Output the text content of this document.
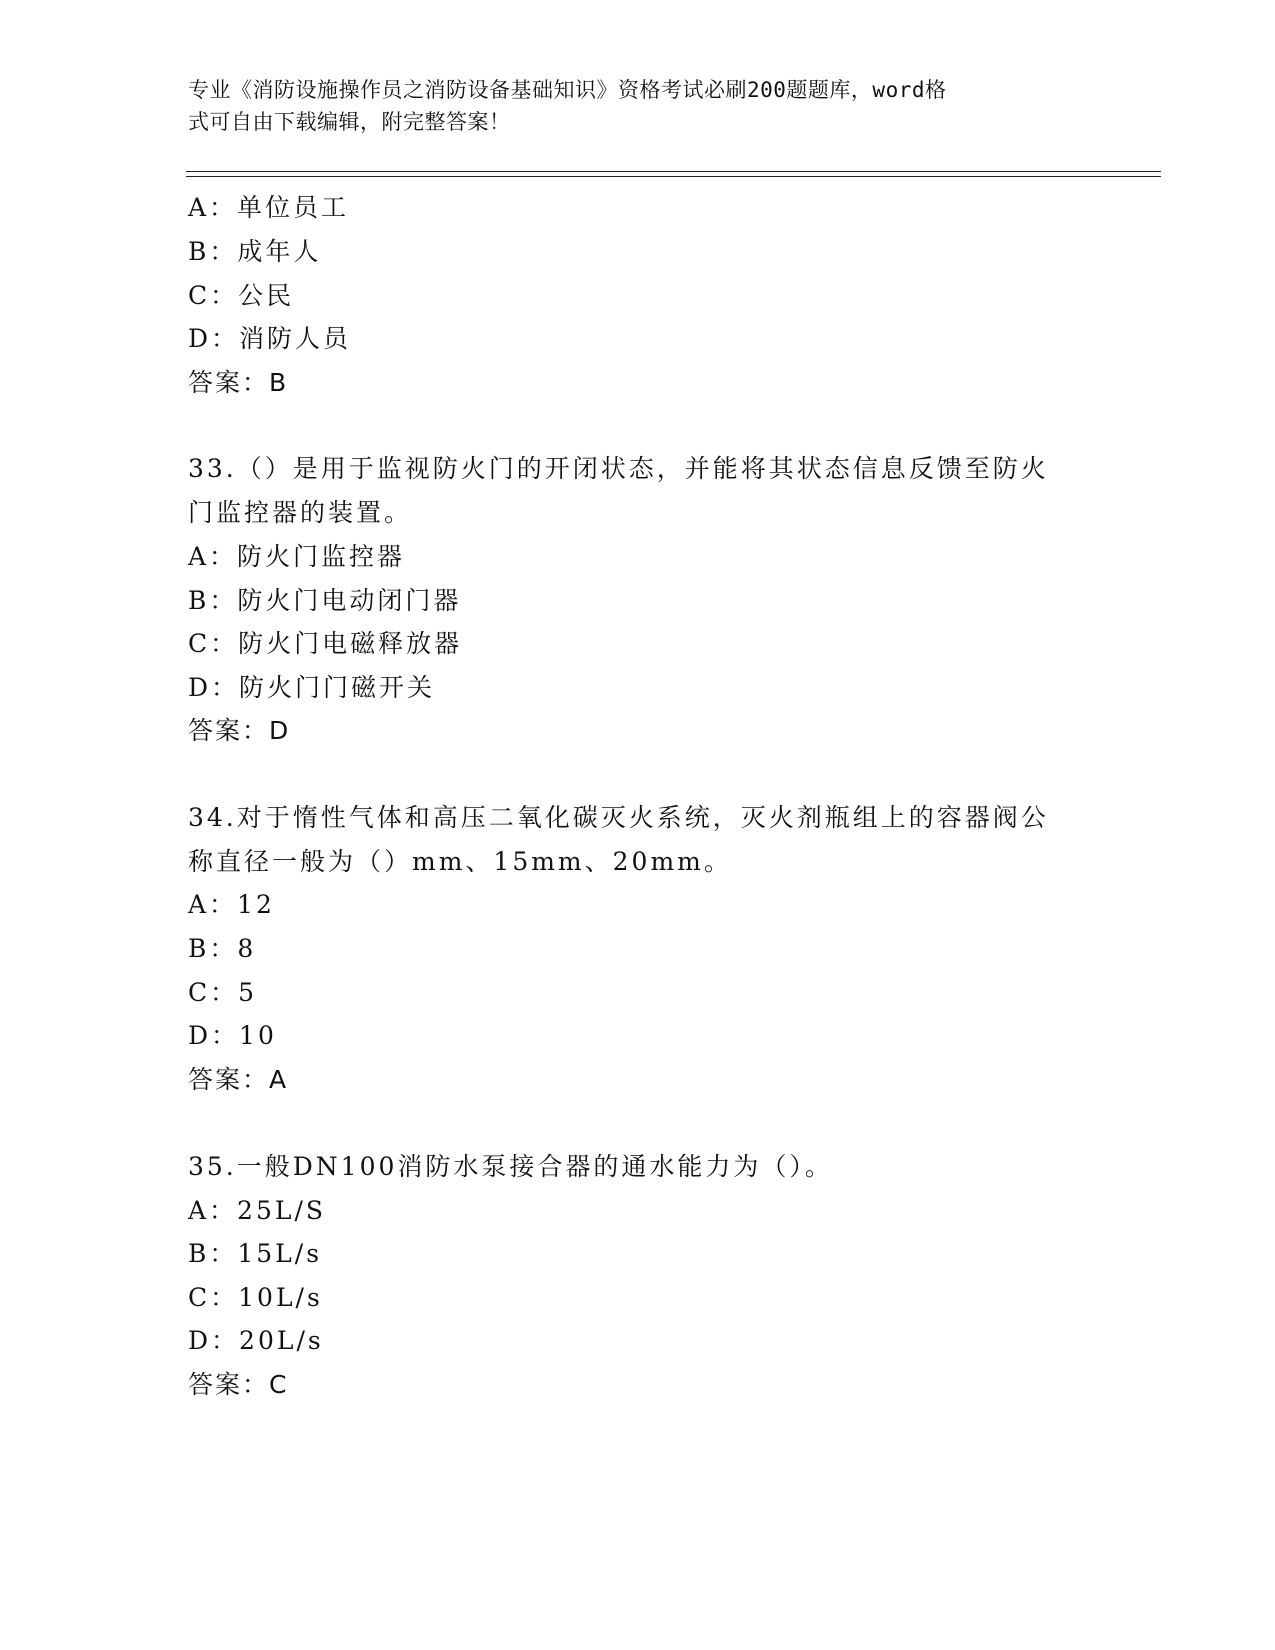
专业《消防设施操作员之消防设备基础知识》资格考试必刷200题题库，word格
式可自由下载编辑，附完整答案！
A：单位员工
B：成年人
C：公民
D：消防人员
答案：B
33.（）是用于监视防火门的开闭状态，并能将其状态信息反馈至防火
门监控器的装置。
A：防火门监控器
B：防火门电动闭门器
C：防火门电磁释放器
D：防火门门磁开关
答案：D
34.对于惰性气体和高压二氧化碳灭火系统，灭火剂瓶组上的容器阀公
称直径一般为（）mm、15mm、20mm。
A：12
B：8
C：5
D：10
答案：A
35.一般DN100消防水泵接合器的通水能力为（）。
A：25L/S
B：15L/s
C：10L/s
D：20L/s
答案：C
